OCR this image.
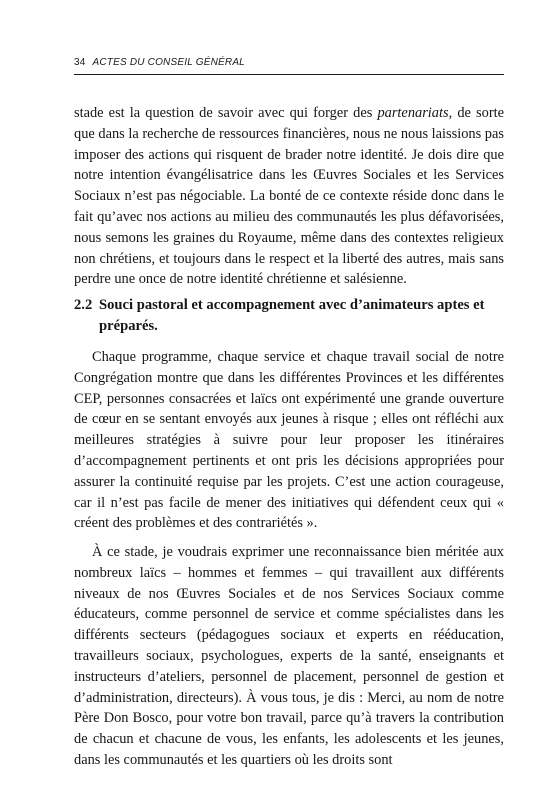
34 ACTES DU CONSEIL GÉNÉRAL

stade est la question de savoir avec qui forger des partenariats, de sorte que dans la recherche de ressources financières, nous ne nous laissions pas imposer des actions qui risquent de brader notre identité. Je dois dire que notre intention évangélisatrice dans les Œuvres Sociales et les Services Sociaux n’est pas négociable. La bonté de ce contexte réside donc dans le fait qu’avec nos actions au milieu des communautés les plus défavorisées, nous semons les graines du Royaume, même dans des contextes religieux non chrétiens, et toujours dans le respect et la liberté des autres, mais sans perdre une once de notre identité chrétienne et salésienne.

2.2 Souci pastoral et accompagnement avec d’animateurs aptes et préparés.

Chaque programme, chaque service et chaque travail social de notre Congrégation montre que dans les différentes Provinces et les différentes CEP, personnes consacrées et laïcs ont expérimenté une grande ouverture de cœur en se sentant envoyés aux jeunes à risque ; elles ont réfléchi aux meilleures stratégies à suivre pour leur proposer les itinéraires d’accompagnement pertinents et ont pris les décisions appropriées pour assurer la continuité requise par les projets. C’est une action courageuse, car il n’est pas facile de mener des initiatives qui défendent ceux qui « créent des problèmes et des contrariétés ».

À ce stade, je voudrais exprimer une reconnaissance bien méritée aux nombreux laïcs – hommes et femmes – qui travaillent aux différents niveaux de nos Œuvres Sociales et de nos Services Sociaux comme éducateurs, comme personnel de service et comme spécialistes dans les différents secteurs (pédagogues sociaux et experts en rééducation, travailleurs sociaux, psychologues, experts de la santé, enseignants et instructeurs d’ateliers, personnel de placement, personnel de gestion et d’administration, directeurs). À vous tous, je dis : Merci, au nom de notre Père Don Bosco, pour votre bon travail, parce qu’à travers la contribution de chacun et chacune de vous, les enfants, les adolescents et les jeunes, dans les communautés et les quartiers où les droits sont
